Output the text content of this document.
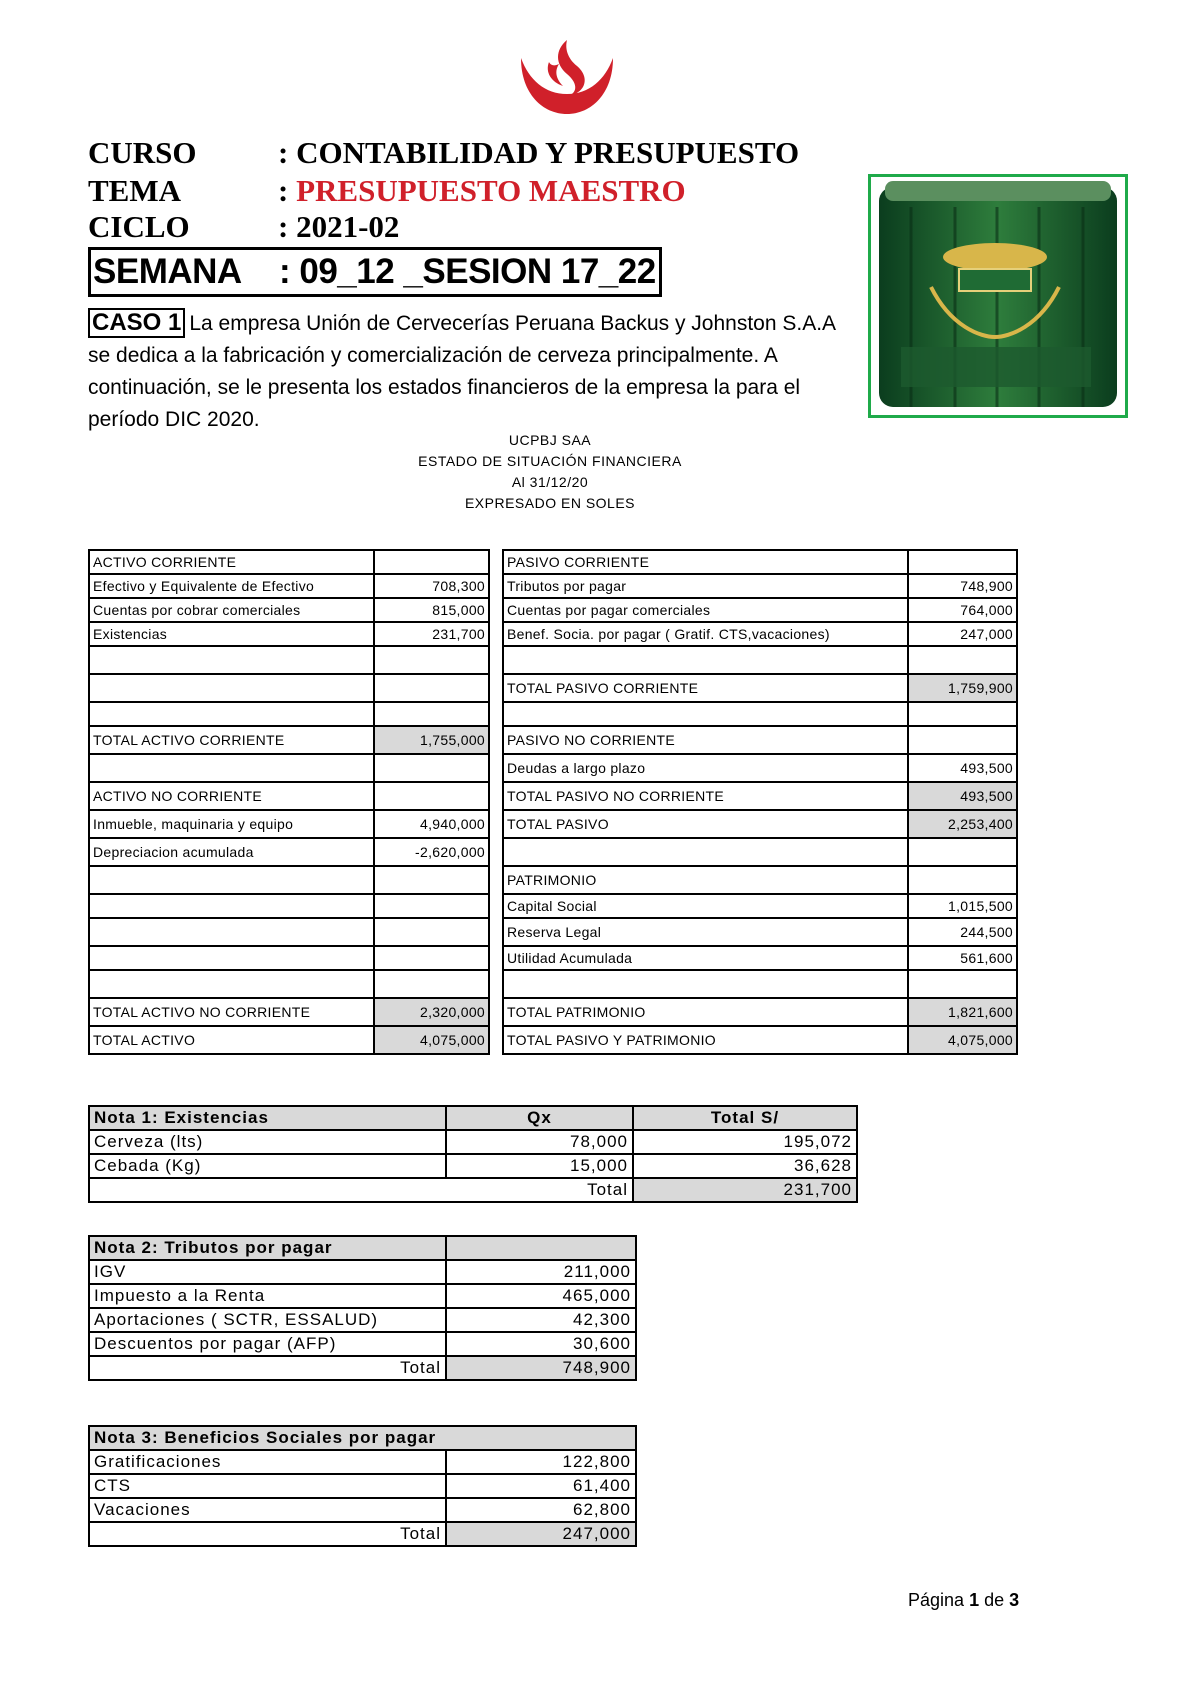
CURSO	: CONTABILIDAD Y PRESUPUESTO
TEMA	: PRESUPUESTO MAESTRO
CICLO	: 2021-02
SEMANA : 09_12 _SESION 17_22
CASO 1 La empresa Unión de Cervecerías Peruana Backus y Johnston S.A.A se dedica a la fabricación y comercialización de cerveza principalmente. A continuación, se le presenta los estados financieros de la empresa la para el período DIC 2020.
UCPBJ SAA
ESTADO DE SITUACIÓN FINANCIERA
Al 31/12/20
EXPRESADO EN SOLES
ACTIVO CORRIENTE	
Efectivo y Equivalente de Efectivo	708,300
Cuentas por cobrar comerciales	815,000
Existencias	231,700

TOTAL ACTIVO CORRIENTE	1,755,000

ACTIVO NO CORRIENTE	
Inmueble, maquinaria y equipo	4,940,000
Depreciacion acumulada	-2,620,000

TOTAL ACTIVO NO CORRIENTE	2,320,000
TOTAL ACTIVO	4,075,000
PASIVO CORRIENTE	
Tributos por pagar	748,900
Cuentas por pagar comerciales	764,000
Benef. Socia. por pagar ( Gratif. CTS,vacaciones)	247,000

TOTAL PASIVO CORRIENTE	1,759,900

PASIVO NO CORRIENTE	
Deudas a largo plazo	493,500
TOTAL PASIVO NO CORRIENTE	493,500
TOTAL PASIVO	2,253,400

PATRIMONIO	
Capital Social	1,015,500
Reserva Legal	244,500
Utilidad Acumulada	561,600

TOTAL PATRIMONIO	1,821,600
TOTAL PASIVO Y PATRIMONIO	4,075,000
Nota 1: Existencias	Qx	Total S/
Cerveza (lts)	78,000	195,072
Cebada (Kg)	15,000	36,628
Total		231,700
Nota 2: Tributos por pagar	
IGV	211,000
Impuesto a la Renta	465,000
Aportaciones ( SCTR, ESSALUD)	42,300
Descuentos por pagar (AFP)	30,600
Total	748,900
Nota 3: Beneficios Sociales por pagar	
Gratificaciones	122,800
CTS	61,400
Vacaciones	62,800
Total	247,000
Página 1 de 3
